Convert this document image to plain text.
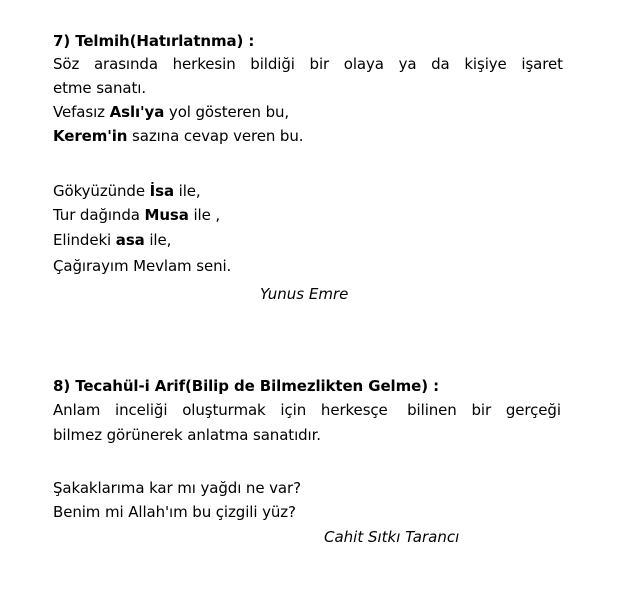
7) Telmih(Hatırlatnma) :
Söz arasında herkesin bildiği bir olaya ya da kişiye işaret
etme sanatı.
Vefasız Aslı'ya yol gösteren bu,
Kerem'in sazına cevap veren bu.
Gökyüzünde İsa ile,
Tur dağında Musa ile ,
Elindeki asa ile,
Çağırayım Mevlam seni.
Yunus Emre
8) Tecahül-i Arif(Bilip de Bilmezlikten Gelme) :
Anlam inceliği oluşturmak için herkesçe bilinen bir gerçeği
bilmez görünerek anlatma sanatıdır.
Şakaklarıma kar mı yağdı ne var?
Benim mi Allah'ım bu çizgili yüz?
Cahit Sıtkı Tarancı
